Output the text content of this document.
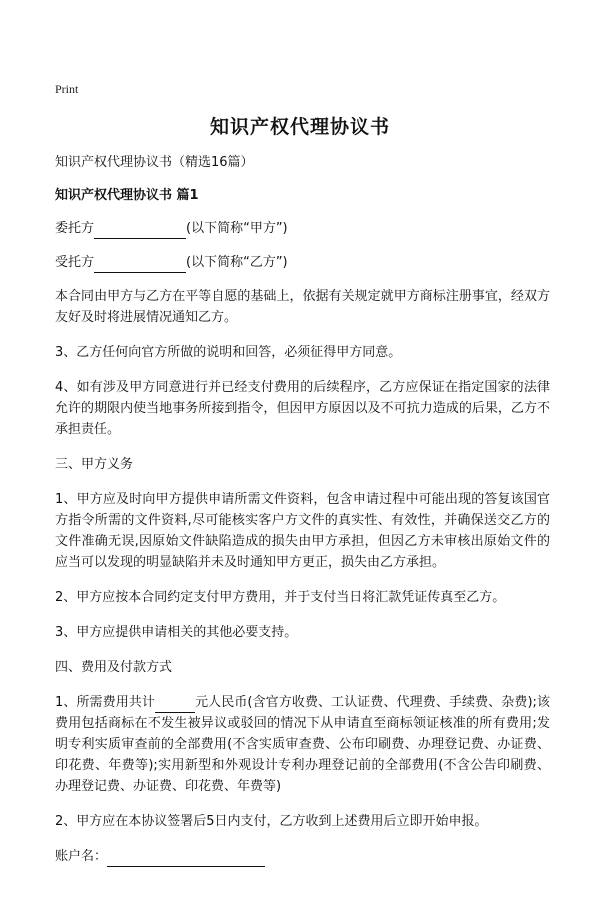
Print
知识产权代理协议书

知识产权代理协议书（精选16篇）

知识产权代理协议书 篇1

委托方	(以下简称“甲方”)

受托方	(以下简称“乙方”)

本合同由甲方与乙方在平等自愿的基础上，依据有关规定就甲方商标注册事宜，经双方友好及时将进展情况通知乙方。

3、乙方任何向官方所做的说明和回答，必须征得甲方同意。

4、如有涉及甲方同意进行并已经支付费用的后续程序，乙方应保证在指定国家的法律允许的期限内使当地事务所接到指令，但因甲方原因以及不可抗力造成的后果，乙方不承担责任。

三、甲方义务

1、甲方应及时向甲方提供申请所需文件资料，包含申请过程中可能出现的答复该国官方指令所需的文件资料,尽可能核实客户方文件的真实性、有效性，并确保送交乙方的文件准确无误,因原始文件缺陷造成的损失由甲方承担，但因乙方未审核出原始文件的应当可以发现的明显缺陷并未及时通知甲方更正，损失由乙方承担。

2、甲方应按本合同约定支付甲方费用，并于支付当日将汇款凭证传真至乙方。

3、甲方应提供申请相关的其他必要支持。

四、费用及付款方式

1、所需费用共计	元人民币(含官方收费、工认证费、代理费、手续费、杂费);该费用包括商标在不发生被异议或驳回的情况下从申请直至商标领证核准的所有费用;发明专利实质审查前的全部费用(不含实质审查费、公布印刷费、办理登记费、办证费、印花费、年费等);实用新型和外观设计专利办理登记前的全部费用(不含公告印刷费、办理登记费、办证费、印花费、年费等)

2、甲方应在本协议签署后5日内支付，乙方收到上述费用后立即开始申报。

账户名：
